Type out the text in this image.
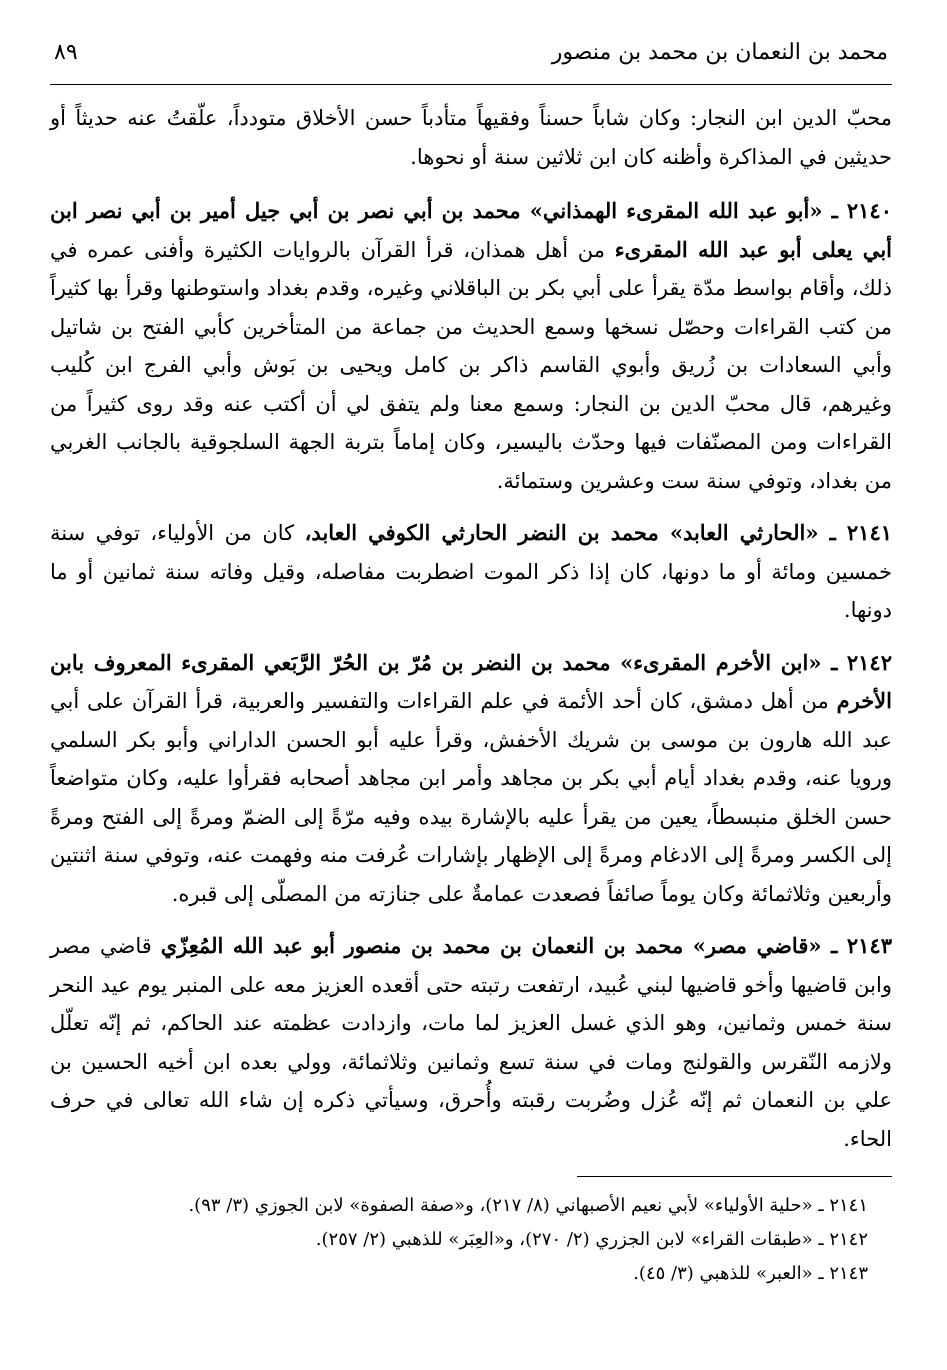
محمد بن النعمان بن محمد بن منصور
٨٩

محبّ الدين ابن النجار: وكان شاباً حسناً وفقيهاً متأدباً حسن الأخلاق متودداً، علّقتُ عنه حديثاً أو حديثين في المذاكرة وأظنه كان ابن ثلاثين سنة أو نحوها.

٢١٤٠ ـ «أبو عبد الله المقرىء الهمذاني» محمد بن أبي نصر بن أبي جيل أمير بن أبي نصر ابن أبي يعلى أبو عبد الله المقرىء من أهل همذان، قرأ القرآن بالروايات الكثيرة وأفنى عمره في ذلك، وأقام بواسط مدّة يقرأ على أبي بكر بن الباقلاني وغيره، وقدم بغداد واستوطنها وقرأ بها كثيراً من كتب القراءات وحصّل نسخها وسمع الحديث من جماعة من المتأخرين كأبي الفتح بن شاتيل وأبي السعادات بن زُريق وأبوي القاسم ذاكر بن كامل ويحيى بن بَوش وأبي الفرج ابن كُليب وغيرهم، قال محبّ الدين بن النجار: وسمع معنا ولم يتفق لي أن أكتب عنه وقد روى كثيراً من القراءات ومن المصنّفات فيها وحدّث باليسير، وكان إماماً بتربة الجهة السلجوقية بالجانب الغربي من بغداد، وتوفي سنة ست وعشرين وستمائة.

٢١٤١ ـ «الحارثي العابد» محمد بن النضر الحارثي الكوفي العابد، كان من الأولياء، توفي سنة خمسين ومائة أو ما دونها، كان إذا ذكر الموت اضطربت مفاصله، وقيل وفاته سنة ثمانين أو ما دونها.

٢١٤٢ ـ «ابن الأخرم المقرىء» محمد بن النضر بن مُرّ بن الحُرّ الرَّبَعي المقرىء المعروف بابن الأخرم من أهل دمشق، كان أحد الأئمة في علم القراءات والتفسير والعربية، قرأ القرآن على أبي عبد الله هارون بن موسى بن شريك الأخفش، وقرأ عليه أبو الحسن الداراني وأبو بكر السلمي ورويا عنه، وقدم بغداد أيام أبي بكر بن مجاهد وأمر ابن مجاهد أصحابه فقرأوا عليه، وكان متواضعاً حسن الخلق منبسطاً، يعين من يقرأ عليه بالإشارة بيده وفيه مرّةً إلى الضمّ ومرةً إلى الفتح ومرةً إلى الكسر ومرةً إلى الادغام ومرةً إلى الإظهار بإشارات عُرفت منه وفهمت عنه، وتوفي سنة اثنتين وأربعين وثلاثمائة وكان يوماً صائفاً فصعدت عمامةٌ على جنازته من المصلّى إلى قبره.

٢١٤٣ ـ «قاضي مصر» محمد بن النعمان بن محمد بن منصور أبو عبد الله المُعِزّي قاضي مصر وابن قاضيها وأخو قاضيها لبني عُبيد، ارتفعت رتبته حتى أقعده العزيز معه على المنبر يوم عيد النحر سنة خمس وثمانين، وهو الذي غسل العزيز لما مات، وازدادت عظمته عند الحاكم، ثم إنّه تعلّل ولازمه النّقرس والقولنج ومات في سنة تسع وثمانين وثلاثمائة، وولي بعده ابن أخيه الحسين بن علي بن النعمان ثم إنّه عُزل وضُربت رقبته وأُحرق، وسيأتي ذكره إن شاء الله تعالى في حرف الحاء.

٢١٤١ ـ «حلية الأولياء» لأبي نعيم الأصبهاني (٨/ ٢١٧)، و«صفة الصفوة» لابن الجوزي (٣/ ٩٣).
٢١٤٢ ـ «طبقات القراء» لابن الجزري (٢/ ٢٧٠)، و«العِبَر» للذهبي (٢/ ٢٥٧).
٢١٤٣ ـ «العبر» للذهبي (٣/ ٤٥).
